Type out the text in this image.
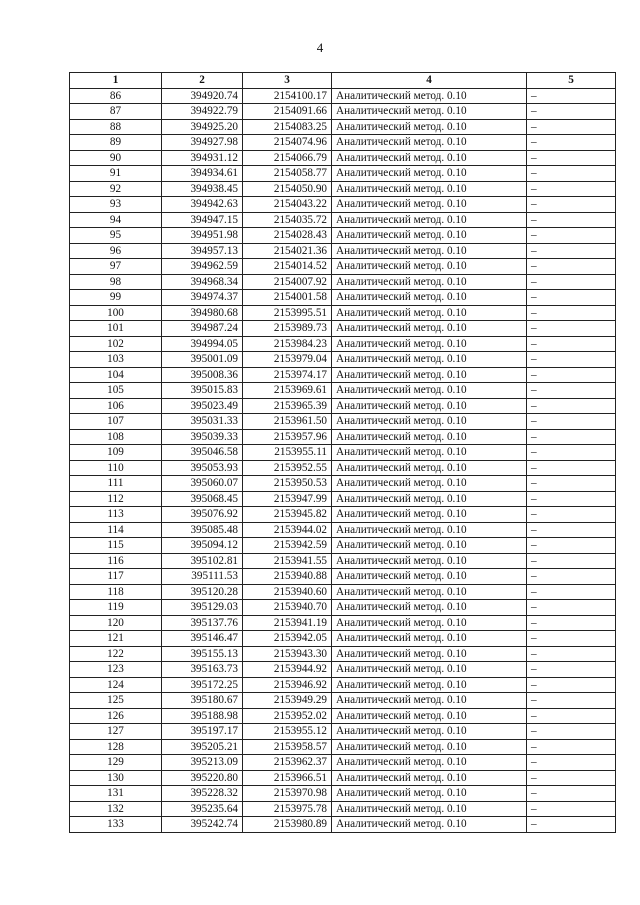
4
1	2	3	4	5
86	394920.74	2154100.17	Аналитический метод. 0.10	–
87	394922.79	2154091.66	Аналитический метод. 0.10	–
88	394925.20	2154083.25	Аналитический метод. 0.10	–
89	394927.98	2154074.96	Аналитический метод. 0.10	–
90	394931.12	2154066.79	Аналитический метод. 0.10	–
91	394934.61	2154058.77	Аналитический метод. 0.10	–
92	394938.45	2154050.90	Аналитический метод. 0.10	–
93	394942.63	2154043.22	Аналитический метод. 0.10	–
94	394947.15	2154035.72	Аналитический метод. 0.10	–
95	394951.98	2154028.43	Аналитический метод. 0.10	–
96	394957.13	2154021.36	Аналитический метод. 0.10	–
97	394962.59	2154014.52	Аналитический метод. 0.10	–
98	394968.34	2154007.92	Аналитический метод. 0.10	–
99	394974.37	2154001.58	Аналитический метод. 0.10	–
100	394980.68	2153995.51	Аналитический метод. 0.10	–
101	394987.24	2153989.73	Аналитический метод. 0.10	–
102	394994.05	2153984.23	Аналитический метод. 0.10	–
103	395001.09	2153979.04	Аналитический метод. 0.10	–
104	395008.36	2153974.17	Аналитический метод. 0.10	–
105	395015.83	2153969.61	Аналитический метод. 0.10	–
106	395023.49	2153965.39	Аналитический метод. 0.10	–
107	395031.33	2153961.50	Аналитический метод. 0.10	–
108	395039.33	2153957.96	Аналитический метод. 0.10	–
109	395046.58	2153955.11	Аналитический метод. 0.10	–
110	395053.93	2153952.55	Аналитический метод. 0.10	–
111	395060.07	2153950.53	Аналитический метод. 0.10	–
112	395068.45	2153947.99	Аналитический метод. 0.10	–
113	395076.92	2153945.82	Аналитический метод. 0.10	–
114	395085.48	2153944.02	Аналитический метод. 0.10	–
115	395094.12	2153942.59	Аналитический метод. 0.10	–
116	395102.81	2153941.55	Аналитический метод. 0.10	–
117	395111.53	2153940.88	Аналитический метод. 0.10	–
118	395120.28	2153940.60	Аналитический метод. 0.10	–
119	395129.03	2153940.70	Аналитический метод. 0.10	–
120	395137.76	2153941.19	Аналитический метод. 0.10	–
121	395146.47	2153942.05	Аналитический метод. 0.10	–
122	395155.13	2153943.30	Аналитический метод. 0.10	–
123	395163.73	2153944.92	Аналитический метод. 0.10	–
124	395172.25	2153946.92	Аналитический метод. 0.10	–
125	395180.67	2153949.29	Аналитический метод. 0.10	–
126	395188.98	2153952.02	Аналитический метод. 0.10	–
127	395197.17	2153955.12	Аналитический метод. 0.10	–
128	395205.21	2153958.57	Аналитический метод. 0.10	–
129	395213.09	2153962.37	Аналитический метод. 0.10	–
130	395220.80	2153966.51	Аналитический метод. 0.10	–
131	395228.32	2153970.98	Аналитический метод. 0.10	–
132	395235.64	2153975.78	Аналитический метод. 0.10	–
133	395242.74	2153980.89	Аналитический метод. 0.10	–
